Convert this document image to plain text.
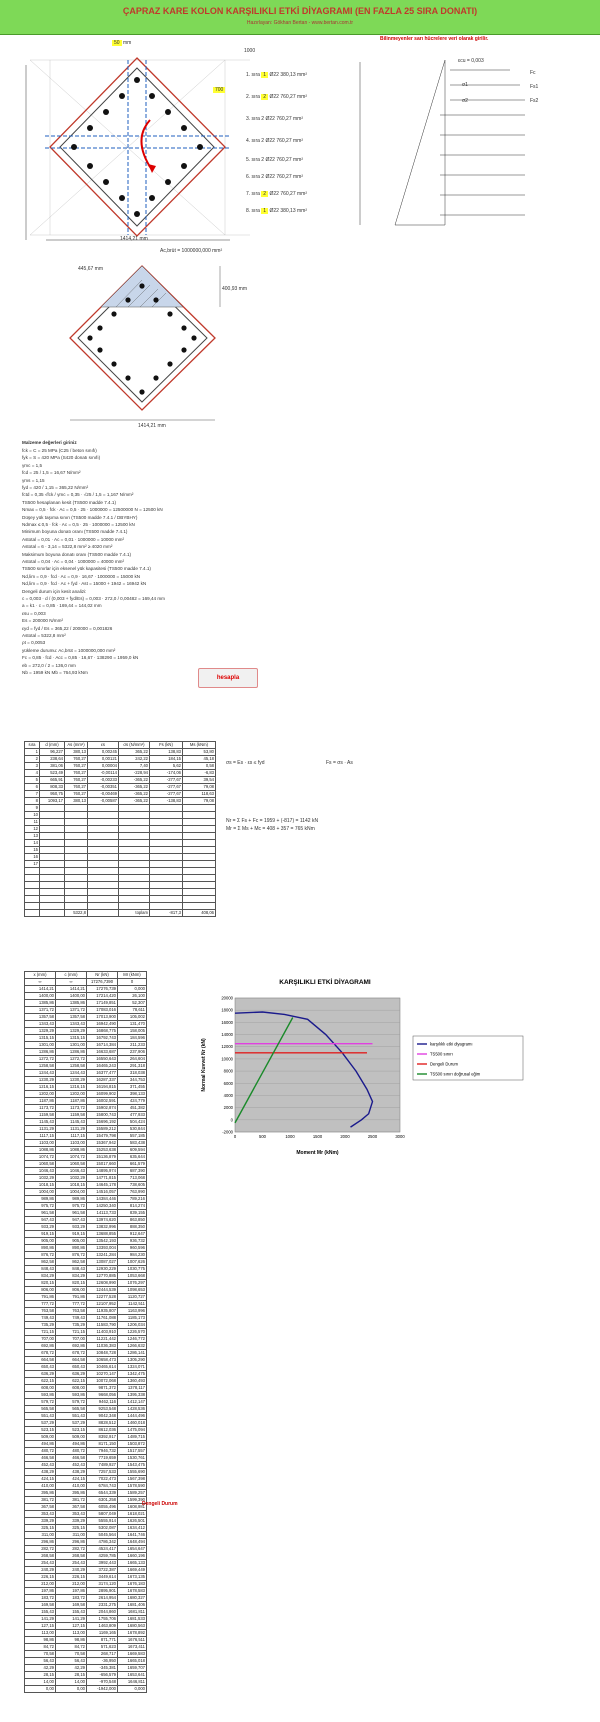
ÇAPRAZ KARE KOLON KARŞILIKLI ETKİ DİYAGRAMI (EN FAZLA 25 SIRA DONATI)
Hazırlayan: Gökhan Bertan - www.bertan.com.tr
Bilinmeyenler sarı hücrelere veri olarak girilir.
50 mm
1000
700
1. sıra 1 Ø22 380,13 mm²
2. sıra 2 Ø22 760,27 mm²
3. sıra 2 Ø22 760,27 mm²
4. sıra 2 Ø22 760,27 mm²
5. sıra 2 Ø22 760,27 mm²
6. sıra 2 Ø22 760,27 mm²
7. sıra 2 Ø22 760,27 mm²
8. sıra 1 Ø22 380,13 mm²
εcu = 0,003
σ1
σ2
Fc
Fs1
Fs2
1414,21 mm
Ac,brüt = 1000000,000 mm²
445,67 mm
400,93 mm
1414,21 mm
Malzeme değerleri giriniz
fck = C = 25 MPa (C25 / beton sınıfı)
fyk = S = 420 MPa (S420 donatı sınıfı)
γmc = 1,5
fcd = 25 / 1,5 = 16,67 N/mm²
γms = 1,15
fyd = 420 / 1,15 = 365,22 N/mm²
fctd = 0,35 √fck / γmc = 0,35 · √25 / 1,5 = 1,167 N/mm²
TS500 hesaplanan kesit (TS500 madde 7.4.1)
Nmax = 0,5 · fck · Ac = 0,5 · 25 · 1000000 = 12500000 N = 12500 kN
Düşey yük taşıma sınırı (TS500 madde 7.4.1 / DBYBHY)
Ndmax ≤ 0,5 · fck · Ac = 0,5 · 25 · 1000000 = 12500 kN
Minimum boyuna donatı oranı (TS500 madde 7.4.1)
Astotal = 0,01 · Ac = 0,01 · 1000000 = 10000 mm²
Astotal = 6 · 3,14 = 5322,8 mm² ≥ 4020 mm²
Maksimum boyuna donatı oranı (TS500 madde 7.4.1)
Astotal = 0,04 · Ac = 0,04 · 1000000 = 40000 mm²
TS500 sınırlar için eksenel yük kapasitesi (TS500 madde 7.4.1)
Nd,lim = 0,9 · fcd · Ac = 0,9 · 16,67 · 1000000 = 15000 kN
Nd,lim = 0,9 · fcd · Ac + fyd · Ast = 15000 + 1942 = 16942 kN
Dengeli durum için kesit analizi:
c = 0,003 · d / (0,003 + fyd/Es) = 0,003 · 272,0 / 0,00482 = 169,44 mm
a = k1 · c = 0,85 · 169,44 = 144,02 mm
εsu = 0,003
Es = 200000 N/mm²
εyd = fyd / Es = 365,22 / 200000 = 0,001826
Astotal = 5322,8 mm²
ρt = 0,0053
yükleme durumu: Ac,brüt = 1000000,000 mm²
Fc = 0,85 · fcd · Acc = 0,85 · 16,67 · 138290 = 1959,0 kN
eb = 272,0 / 2 = 136,0 mm
Nb = 1959 kN Mb = 764,93 kNm
hesapla
sıra	d (mm)	As (mm²)	εs	σs (N/mm²)	Fs (kN)	Ms (kNm)
1	96,227	380,13	0,00245	365,22	138,83	53,80
2	238,64	760,27	0,00121	242,22	184,15	45,18
3	381,06	760,27	0,00004	7,40	5,62	0,58
4	523,49	760,27	-0,00114	-228,94	-174,06	-6,83
5	665,91	760,27	-0,00233	-365,22	-277,67	39,54
6	808,33	760,27	-0,00351	-365,22	-277,67	79,08
7	950,75	760,27	-0,00469	-365,22	-277,67	118,63
8	1093,17	380,13	-0,00587	-365,22	-138,83	79,08
9						
10						
11						
12						
13						
14						
15						
16						
17						

		5322,8		toplam	-817,3	408,06
σs = Es · εs ≤ fyd	Fs = σs · As
Nr = Σ Fs + Fc = 1959 + (-817) = 1142 kN
Mr = Σ Ms + Mc = 408 + 357 = 765 kNm
KARŞILIKLI ETKİ DİYAGRAMI
-2000
0
2000
4000
6000
8000
10000
12000
14000
16000
18000
20000
0	500	1000	1500	2000	2500	3000
Moment Mr (kNm)
Normal Kuvvet Nr (kN)	karşılıklı etki diyagramı
TS500 sınırı
Dengeli Durum
TS500 sınırı doğrusal eğim
x (mm)	c (mm)	Nr (kN)	Mr (kNm)
∞	∞	17276,7390	0
1414,21	1414,21	17276,739	0,000
1400,00	1400,00	17214,420	26,100
1385,86	1385,86	17149,851	52,307
1371,72	1371,72	17083,016	78,611
1357,58	1357,58	17013,900	105,002
1343,43	1343,43	16942,490	131,470
1329,29	1329,29	16868,775	158,005
1315,15	1315,15	16792,743	184,596
1301,00	1301,00	16714,384	211,233
1286,86	1286,86	16633,687	237,906
1272,72	1272,72	16550,643	264,604
1258,58	1258,58	16465,243	291,318
1244,43	1244,43	16377,477	318,038
1230,29	1230,29	16287,337	344,753
1216,15	1216,15	16194,815	371,455
1202,00	1202,00	16099,902	398,133
1187,86	1187,86	16002,591	424,779
1173,72	1173,72	15902,874	451,382
1159,58	1159,58	15800,743	477,933
1145,43	1145,43	15696,192	504,424
1131,29	1131,29	15589,212	530,844
1117,15	1117,15	15479,798	557,185
1103,00	1103,00	15367,942	583,438
1088,86	1088,86	15253,638	609,594
1074,72	1074,72	15136,879	635,644
1060,58	1060,58	15017,660	661,579
1046,43	1046,43	14895,974	687,390
1032,29	1032,29	14771,815	713,068
1018,15	1018,15	14645,178	738,605
1004,00	1004,00	14516,057	763,990
989,86	989,86	14384,446	789,216
975,72	975,72	14250,340	814,274
961,58	961,58	14113,733	839,155
947,43	947,43	13974,620	863,850
933,29	933,29	13832,996	888,350
919,15	919,15	13688,855	912,647
905,00	905,00	13542,193	936,732
890,86	890,86	13393,004	960,596
876,72	876,72	13241,284	984,230
862,58	862,58	13087,027	1007,626
848,43	848,43	12930,229	1030,775
834,29	834,29	12770,885	1053,668
820,15	820,15	12608,990	1076,297
806,00	806,00	12444,539	1098,653
791,86	791,86	12277,528	1120,727
777,72	777,72	12107,952	1142,511
763,58	763,58	11935,807	1163,996
749,43	749,43	11761,088	1185,173
735,29	735,29	11583,790	1206,034
721,15	721,15	11403,910	1226,570
707,00	707,00	11221,442	1246,772
692,86	692,86	11036,383	1266,632
678,72	678,72	10848,728	1286,141
664,58	664,58	10658,473	1305,290
650,43	650,43	10465,614	1324,071
636,29	636,29	10270,147	1342,475
622,15	622,15	10072,068	1360,493
608,00	608,00	9871,372	1378,117
593,86	593,86	9668,056	1395,338
579,72	579,72	9462,116	1412,147
565,58	565,58	9253,548	1428,536
551,43	551,43	9042,348	1444,496
537,29	537,29	8828,512	1460,018
523,15	523,15	8612,036	1475,094
509,00	509,00	8392,917	1489,715
494,86	494,86	8171,150	1503,872
480,72	480,72	7946,732	1517,557
466,58	466,58	7719,659	1530,761
452,43	452,43	7489,927	1543,475
438,29	438,29	7257,533	1555,690
424,15	424,15	7022,473	1567,398
410,00	410,00	6784,743	1578,590
395,86	395,86	6544,339	1589,257
381,72	381,72	6301,258	1599,390
367,58	367,58	6055,496	1608,981
353,43	353,43	5807,049	1618,021
339,29	339,29	5555,914	1626,501
325,15	325,15	5302,087	1634,412
311,00	311,00	5045,564	1641,746
296,86	296,86	4786,342	1648,494
282,72	282,72	4524,417	1654,647
268,58	268,58	4259,785	1660,196
254,43	254,43	3992,443	1665,133
240,29	240,29	3722,387	1669,449
226,15	226,15	3449,614	1673,135
212,00	212,00	3174,120	1676,183
197,86	197,86	2895,901	1678,583
183,72	183,72	2614,954	1680,327
169,58	169,58	2331,275	1681,406
155,43	155,43	2044,860	1681,811
141,29	141,29	1755,706	1681,533
127,15	127,15	1463,809	1680,563
113,00	113,00	1169,165	1678,892
98,86	98,86	871,771	1676,511
84,72	84,72	571,623	1673,411
70,58	70,58	268,717	1669,583
56,43	56,43	-36,950	1665,018
42,29	42,29	-345,381	1659,707
28,15	28,15	-656,579	1653,641
14,00	14,00	-970,548	1646,811
0,00	0,00	-1942,000	0,000
Dengeli Durum
